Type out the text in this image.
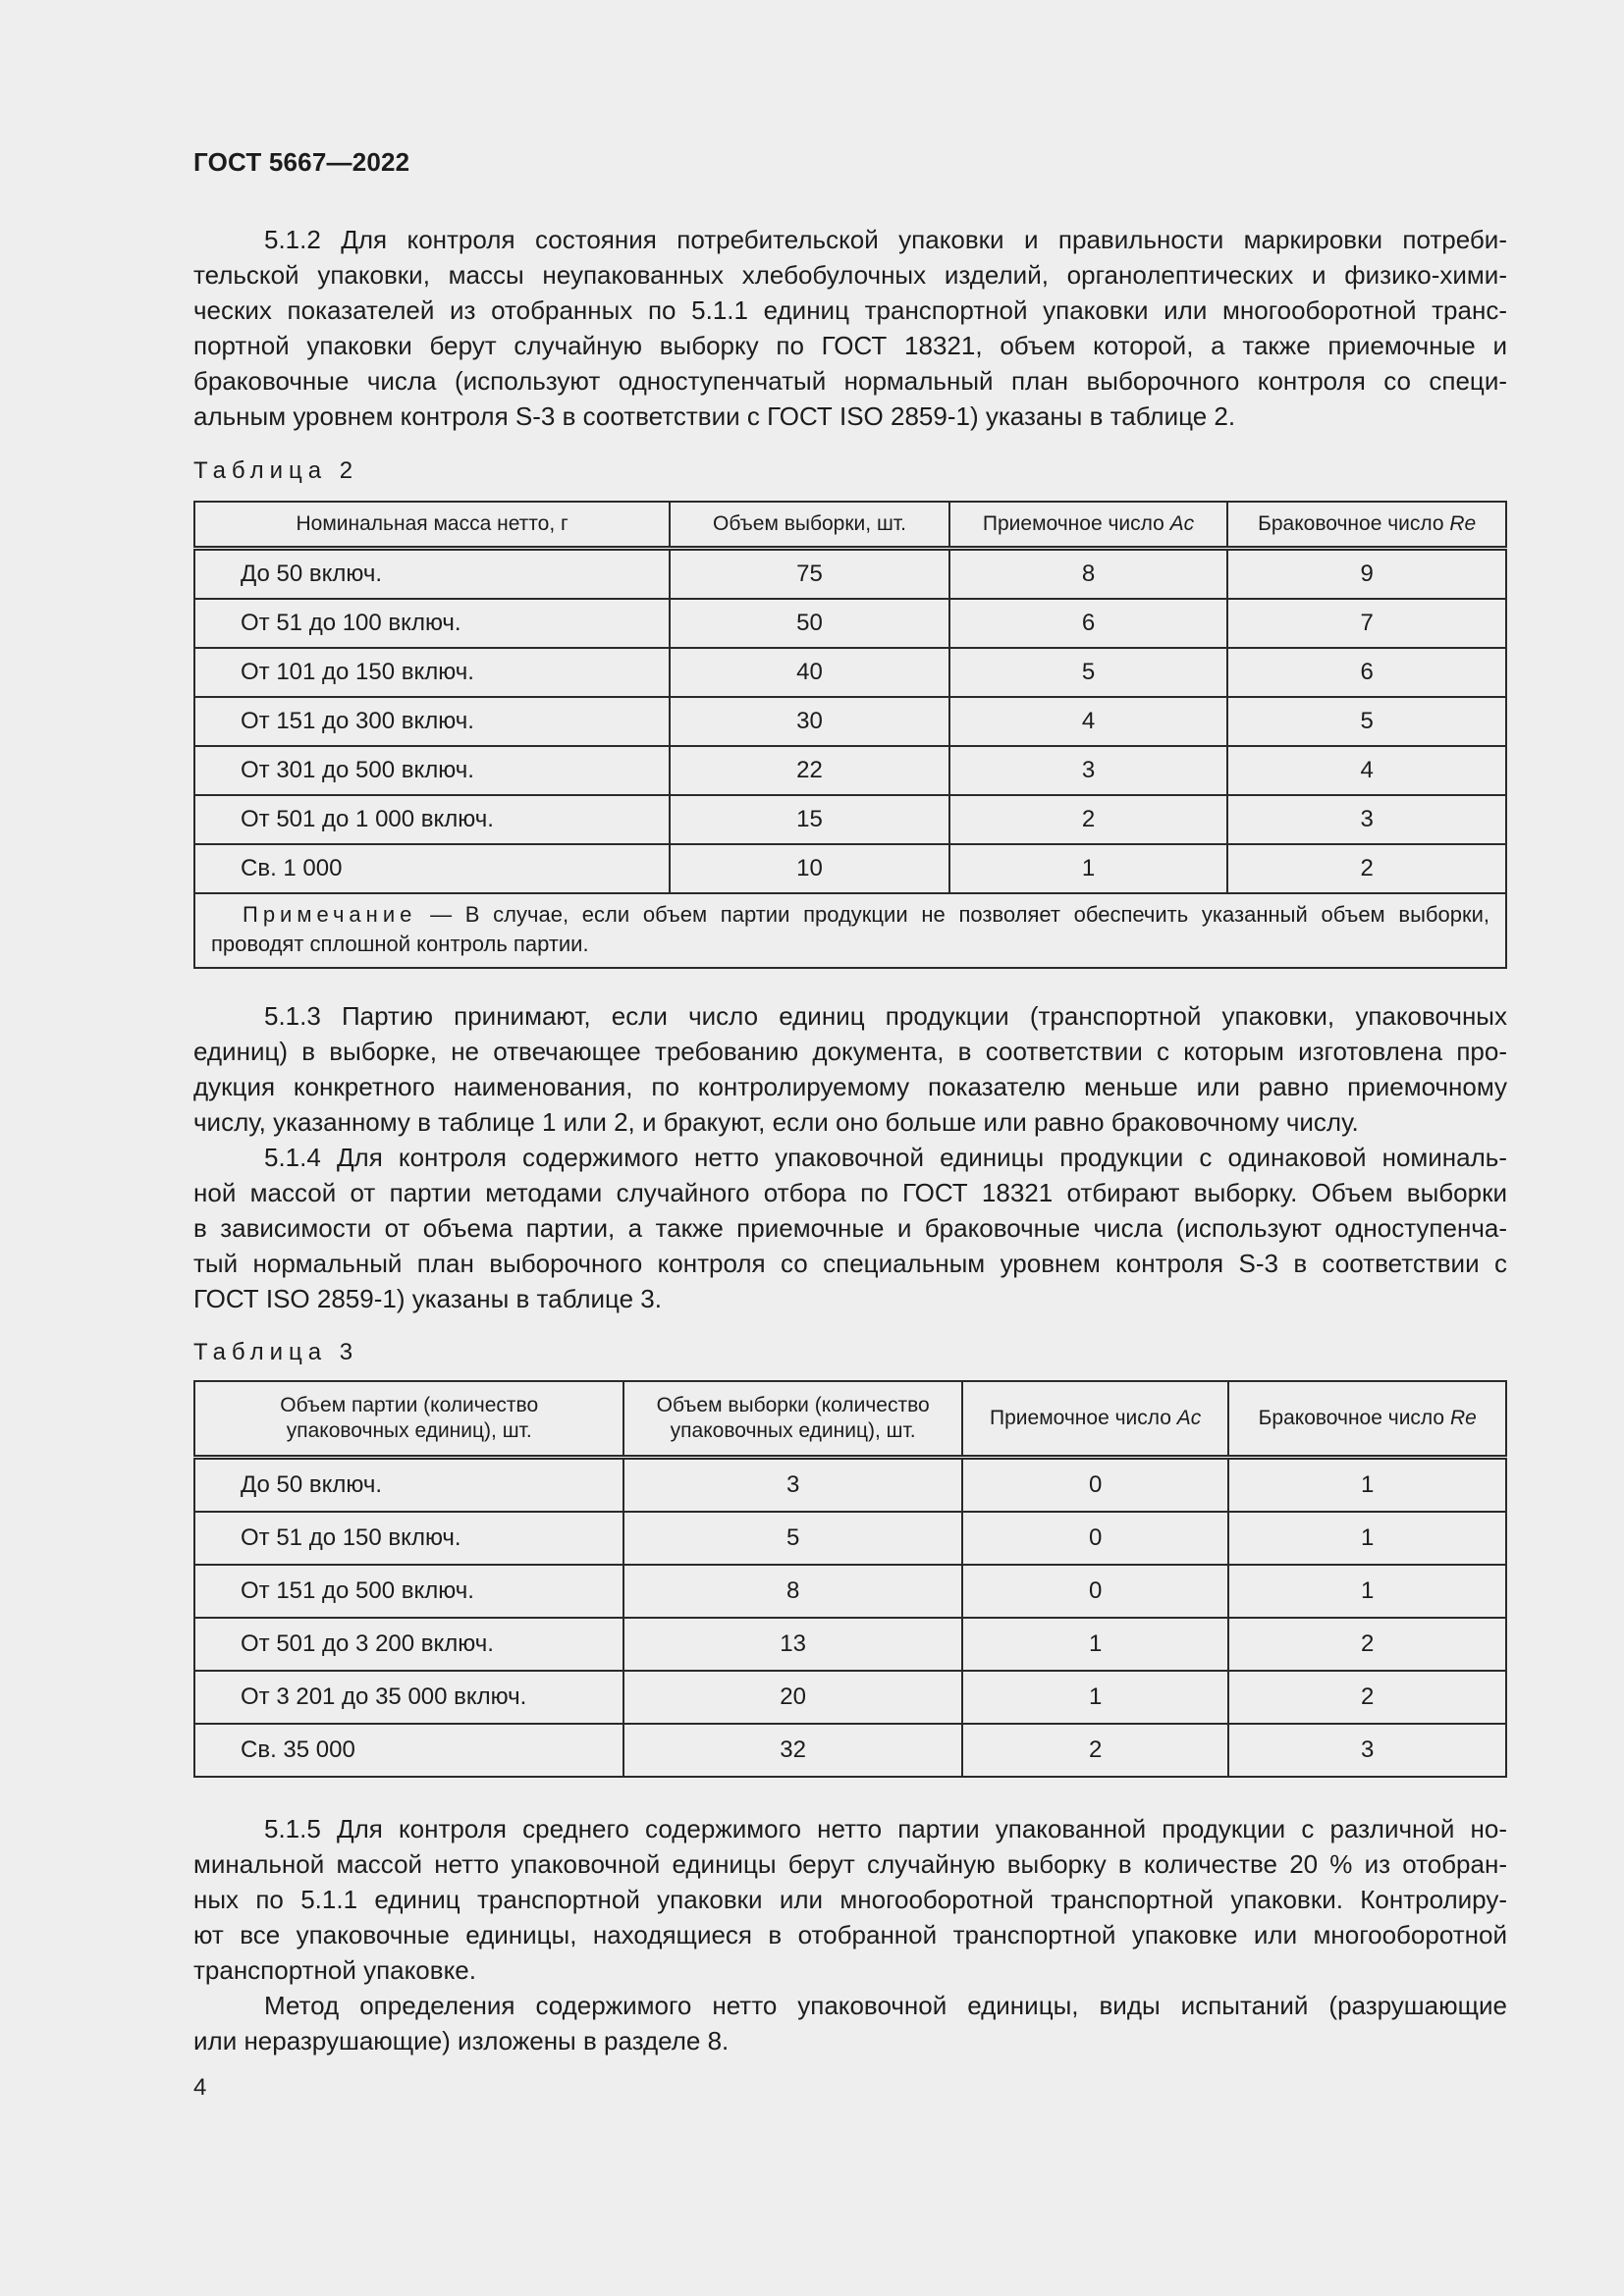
ГОСТ 5667—2022

5.1.2 Для контроля состояния потребительской упаковки и правильности маркировки потреби-
тельской упаковки, массы неупакованных хлебобулочных изделий, органолептических и физико-хими-
ческих показателей из отобранных по 5.1.1 единиц транспортной упаковки или многооборотной транс-
портной упаковки берут случайную выборку по ГОСТ 18321, объем которой, а также приемочные и
браковочные числа (используют одноступенчатый нормальный план выборочного контроля со специ-
альным уровнем контроля S-3 в соответствии с ГОСТ ISO 2859-1) указаны в таблице 2.

Таблица 2
Номинальная масса нетто, г	Объем выборки, шт.	Приемочное число Ac	Браковочное число Re
До 50 включ.	75	8	9
От 51 до 100 включ.	50	6	7
От 101 до 150 включ.	40	5	6
От 151 до 300 включ.	30	4	5
От 301 до 500 включ.	22	3	4
От 501 до 1 000 включ.	15	2	3
Св. 1 000	10	1	2
Примечание — В случае, если объем партии продукции не позволяет обеспечить указанный объем выборки, проводят сплошной контроль партии.			

5.1.3 Партию принимают, если число единиц продукции (транспортной упаковки, упаковочных
единиц) в выборке, не отвечающее требованию документа, в соответствии с которым изготовлена про-
дукция конкретного наименования, по контролируемому показателю меньше или равно приемочному
числу, указанному в таблице 1 или 2, и бракуют, если оно больше или равно браковочному числу.

5.1.4 Для контроля содержимого нетто упаковочной единицы продукции с одинаковой номиналь-
ной массой от партии методами случайного отбора по ГОСТ 18321 отбирают выборку. Объем выборки
в зависимости от объема партии, а также приемочные и браковочные числа (используют одноступенча-
тый нормальный план выборочного контроля со специальным уровнем контроля S-3 в соответствии с
ГОСТ ISO 2859-1) указаны в таблице 3.

Таблица 3
Объем партии (количество упаковочных единиц), шт.	Объем выборки (количество упаковочных единиц), шт.	Приемочное число Ac	Браковочное число Re
До 50 включ.	3	0	1
От 51 до 150 включ.	5	0	1
От 151 до 500 включ.	8	0	1
От 501 до 3 200 включ.	13	1	2
От 3 201 до 35 000 включ.	20	1	2
Св. 35 000	32	2	3

5.1.5 Для контроля среднего содержимого нетто партии упакованной продукции с различной но-
минальной массой нетто упаковочной единицы берут случайную выборку в количестве 20 % из отобран-
ных по 5.1.1 единиц транспортной упаковки или многооборотной транспортной упаковки. Контролиру-
ют все упаковочные единицы, находящиеся в отобранной транспортной упаковке или многооборотной
транспортной упаковке.

Метод определения содержимого нетто упаковочной единицы, виды испытаний (разрушающие
или неразрушающие) изложены в разделе 8.

4
